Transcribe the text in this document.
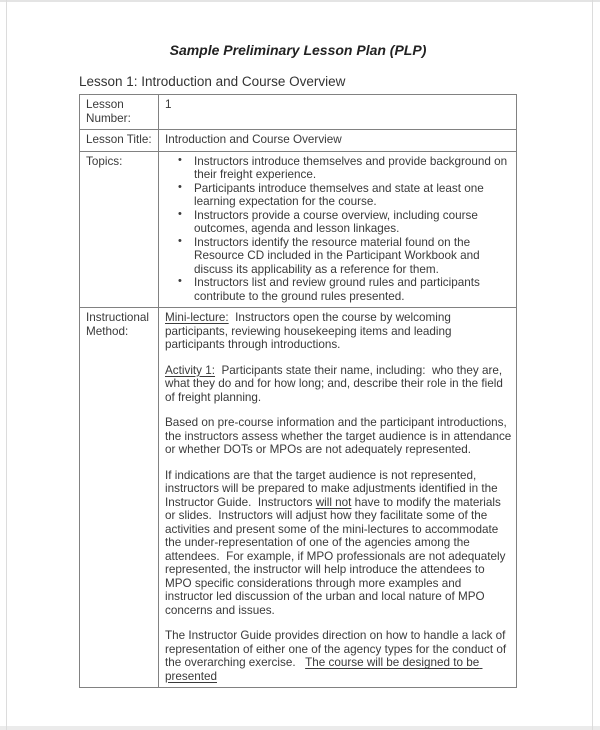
Sample Preliminary Lesson Plan (PLP)
Lesson 1: Introduction and Course Overview
Lesson Number:	1
Lesson Title:	Introduction and Course Overview
Topics:	• Instructors introduce themselves and provide background on their freight experience.
• Participants introduce themselves and state at least one learning expectation for the course.
• Instructors provide a course overview, including course outcomes, agenda and lesson linkages.
• Instructors identify the resource material found on the Resource CD included in the Participant Workbook and discuss its applicability as a reference for them.
• Instructors list and review ground rules and participants contribute to the ground rules presented.

Instructional Method:	Mini-lecture:  Instructors open the course by welcoming participants, reviewing housekeeping items and leading participants through introductions.

Activity 1:  Participants state their name, including:  who they are, what they do and for how long; and, describe their role in the field of freight planning.

Based on pre-course information and the participant introductions, the instructors assess whether the target audience is in attendance or whether DOTs or MPOs are not adequately represented.

If indications are that the target audience is not represented, instructors will be prepared to make adjustments identified in the Instructor Guide.  Instructors will not have to modify the materials or slides.  Instructors will adjust how they facilitate some of the activities and present some of the mini-lectures to accommodate the under-representation of one of the agencies among the attendees.  For example, if MPO professionals are not adequately represented, the instructor will help introduce the attendees to MPO specific considerations through more examples and instructor led discussion of the urban and local nature of MPO concerns and issues.

The Instructor Guide provides direction on how to handle a lack of representation of either one of the agency types for the conduct of the overarching exercise.   The course will be designed to be presented
